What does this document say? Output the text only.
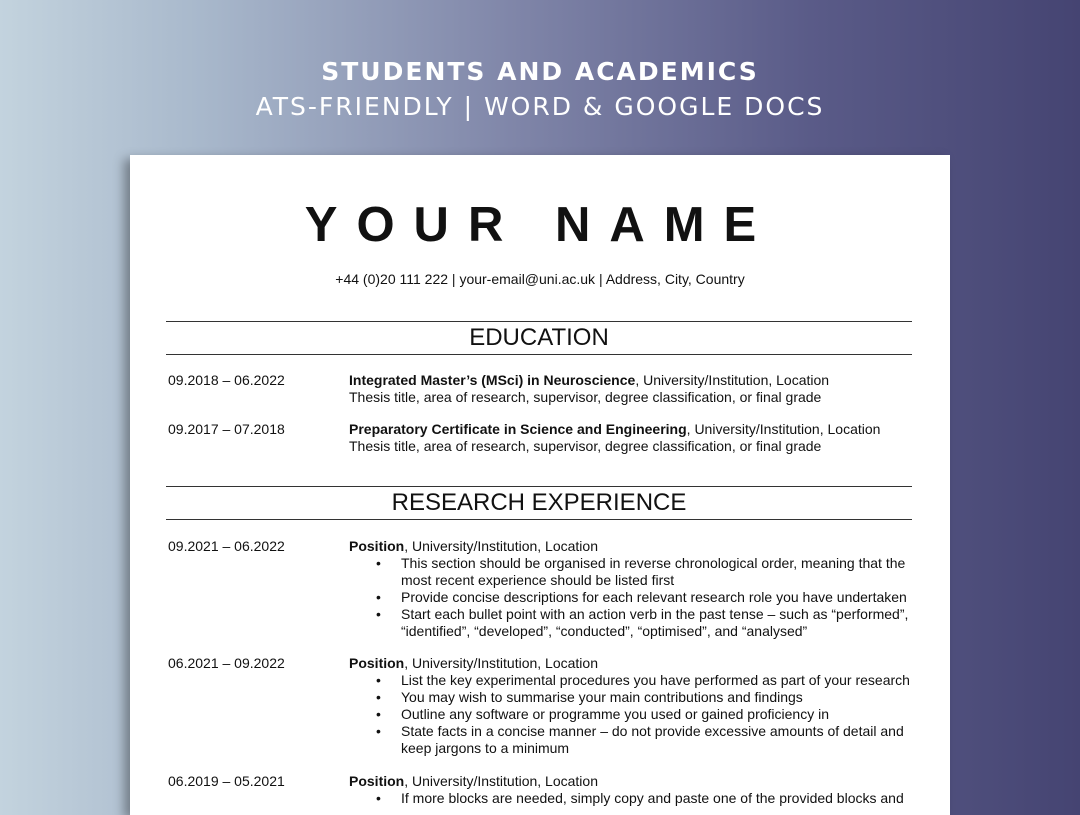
STUDENTS AND ACADEMICS
ATS-FRIENDLY | WORD & GOOGLE DOCS
YOUR NAME
+44 (0)20 111 222 | your-email@uni.ac.uk | Address, City, Country
EDUCATION
09.2018 – 06.2022	Integrated Master’s (MSci) in Neuroscience, University/Institution, Location
Thesis title, area of research, supervisor, degree classification, or final grade
09.2017 – 07.2018	Preparatory Certificate in Science and Engineering, University/Institution, Location
Thesis title, area of research, supervisor, degree classification, or final grade
RESEARCH EXPERIENCE
09.2021 – 06.2022	Position, University/Institution, Location
• This section should be organised in reverse chronological order, meaning that the most recent experience should be listed first
• Provide concise descriptions for each relevant research role you have undertaken
• Start each bullet point with an action verb in the past tense – such as “performed”, “identified”, “developed”, “conducted”, “optimised”, and “analysed”
06.2021 – 09.2022	Position, University/Institution, Location
• List the key experimental procedures you have performed as part of your research
• You may wish to summarise your main contributions and findings
• Outline any software or programme you used or gained proficiency in
• State facts in a concise manner – do not provide excessive amounts of detail and keep jargons to a minimum
06.2019 – 05.2021	Position, University/Institution, Location
• If more blocks are needed, simply copy and paste one of the provided blocks and
